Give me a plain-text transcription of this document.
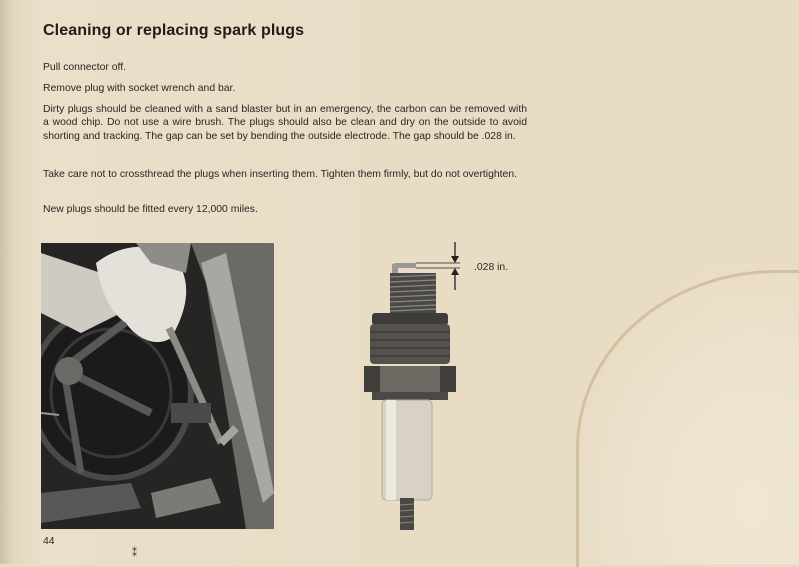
Cleaning or replacing spark plugs

Pull connector off.

Remove plug with socket wrench and bar.

Dirty plugs should be cleaned with a sand blaster but in an emergency, the carbon can be removed with a wood chip. Do not use a wire brush. The plugs should also be clean and dry on the outside to avoid shorting and tracking. The gap can be set by bending the outside electrode. The gap should be .028 in.

Take care not to crossthread the plugs when inserting them. Tighten them firmly, but do not overtighten.

New plugs should be fitted every 12,000 miles.

.028 in.

44

⁑
